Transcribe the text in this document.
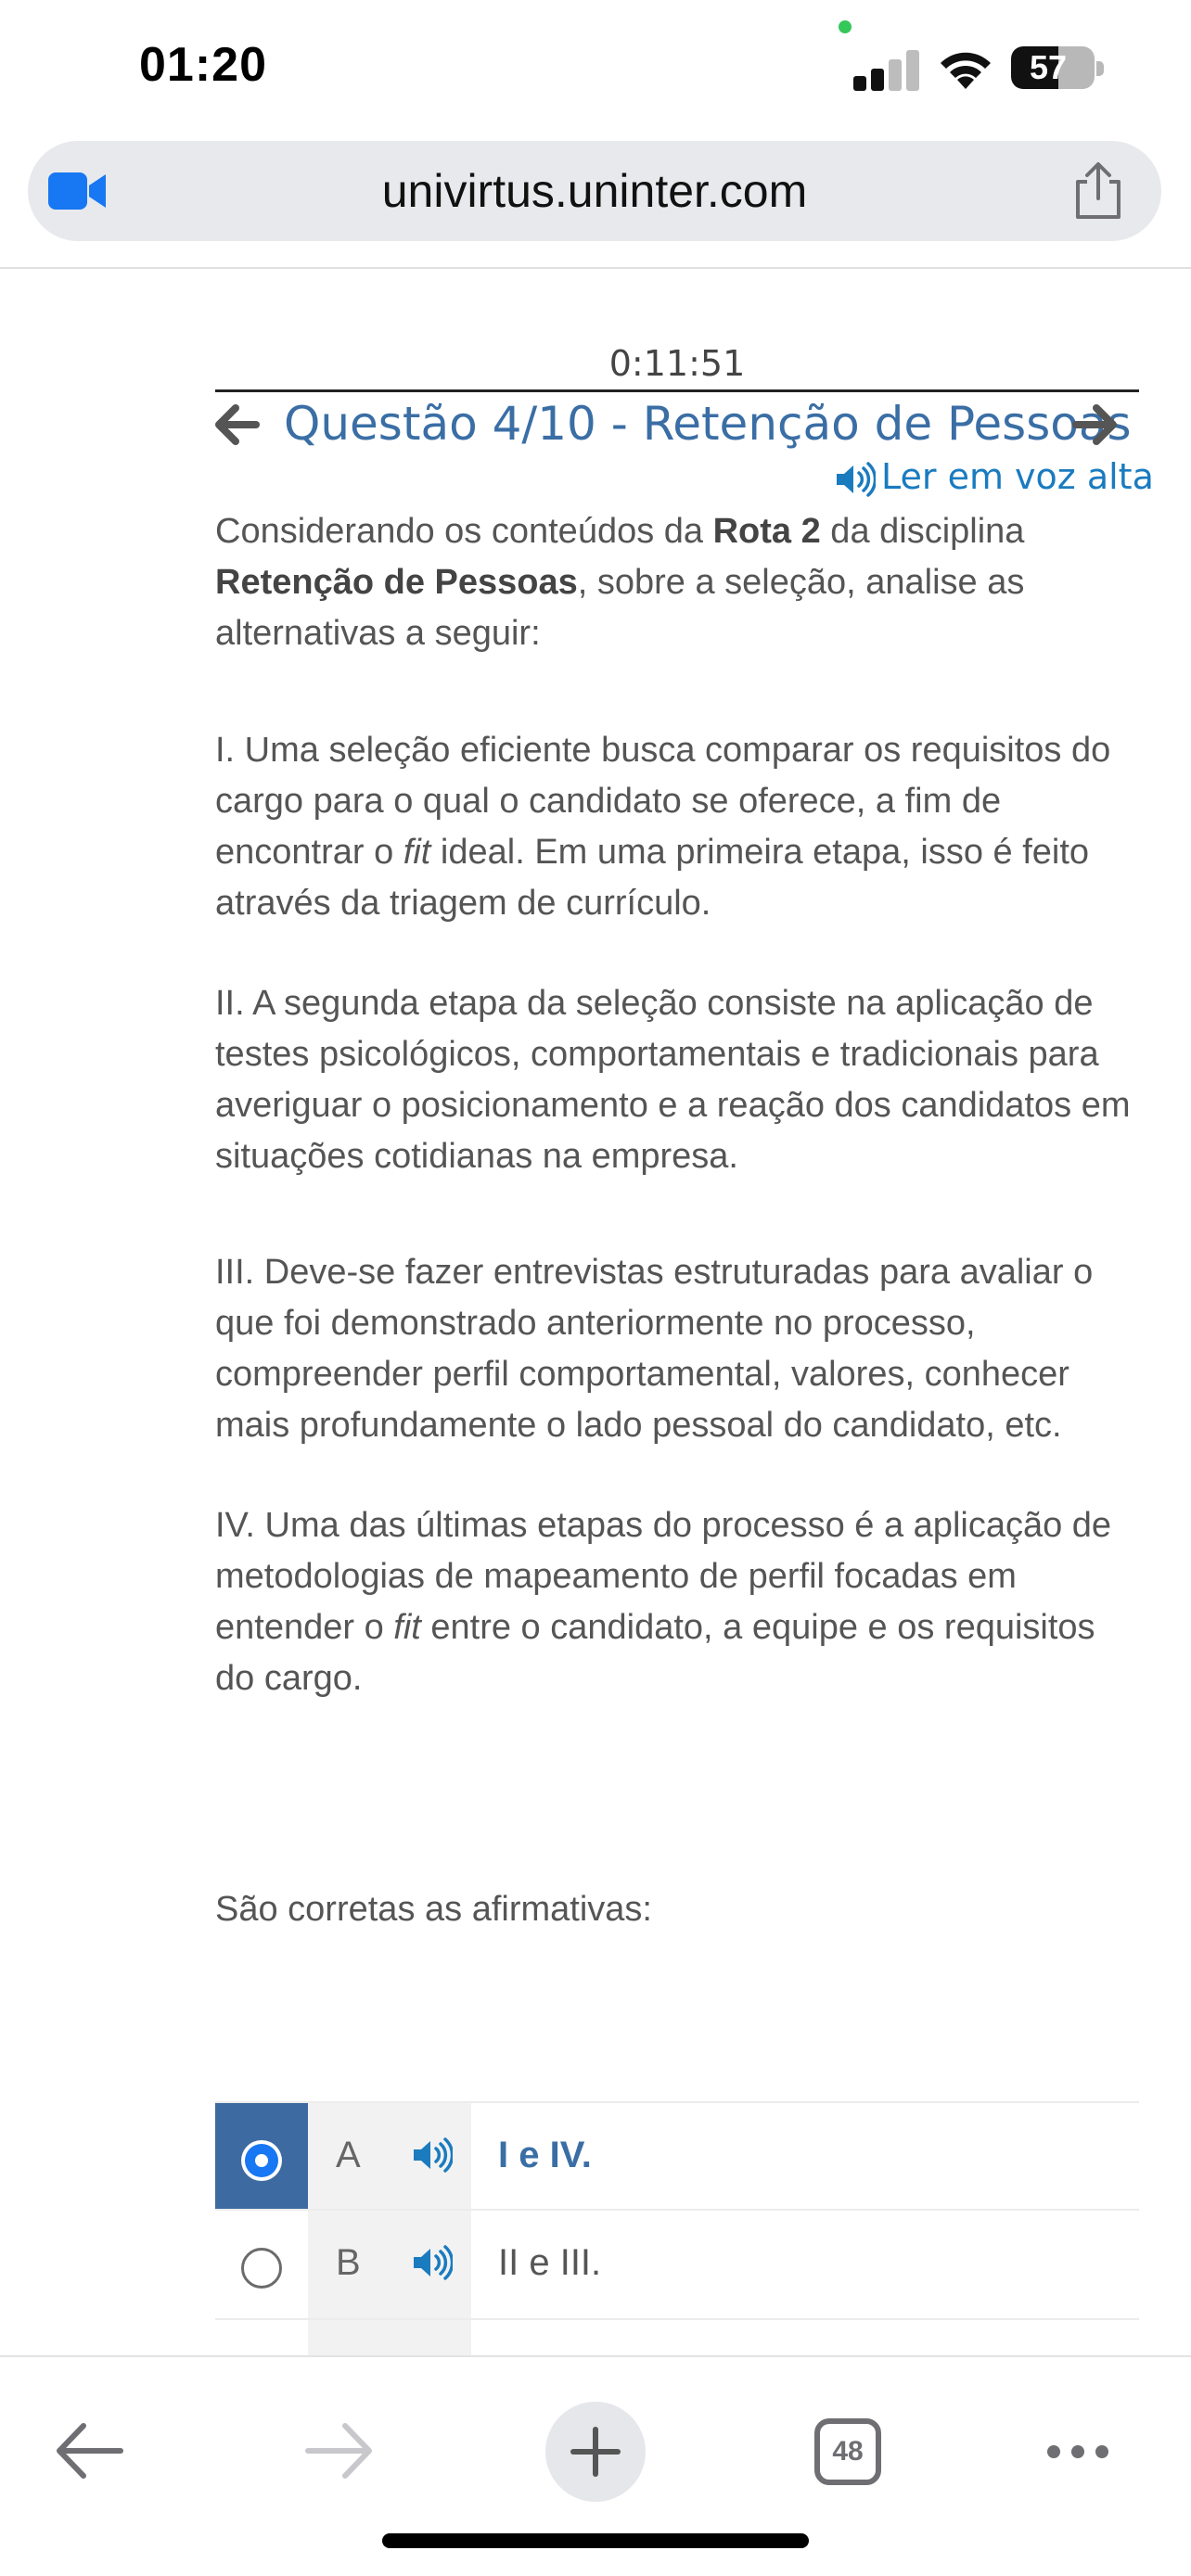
01:20	57
univirtus.uninter.com
0:11:51
Questão 4/10 - Retenção de Pessoas
Ler em voz alta
Considerando os conteúdos da Rota 2 da disciplina Retenção de Pessoas, sobre a seleção, analise as alternativas a seguir:
I. Uma seleção eficiente busca comparar os requisitos do cargo para o qual o candidato se oferece, a fim de encontrar o fit ideal. Em uma primeira etapa, isso é feito através da triagem de currículo.
II. A segunda etapa da seleção consiste na aplicação de testes psicológicos, comportamentais e tradicionais para averiguar o posicionamento e a reação dos candidatos em situações cotidianas na empresa.
III. Deve-se fazer entrevistas estruturadas para avaliar o que foi demonstrado anteriormente no processo, compreender perfil comportamental, valores, conhecer mais profundamente o lado pessoal do candidato, etc.
IV. Uma das últimas etapas do processo é a aplicação de metodologias de mapeamento de perfil focadas em entender o fit entre o candidato, a equipe e os requisitos do cargo.
São corretas as afirmativas:
A	I e IV.
B	II e III.
48
